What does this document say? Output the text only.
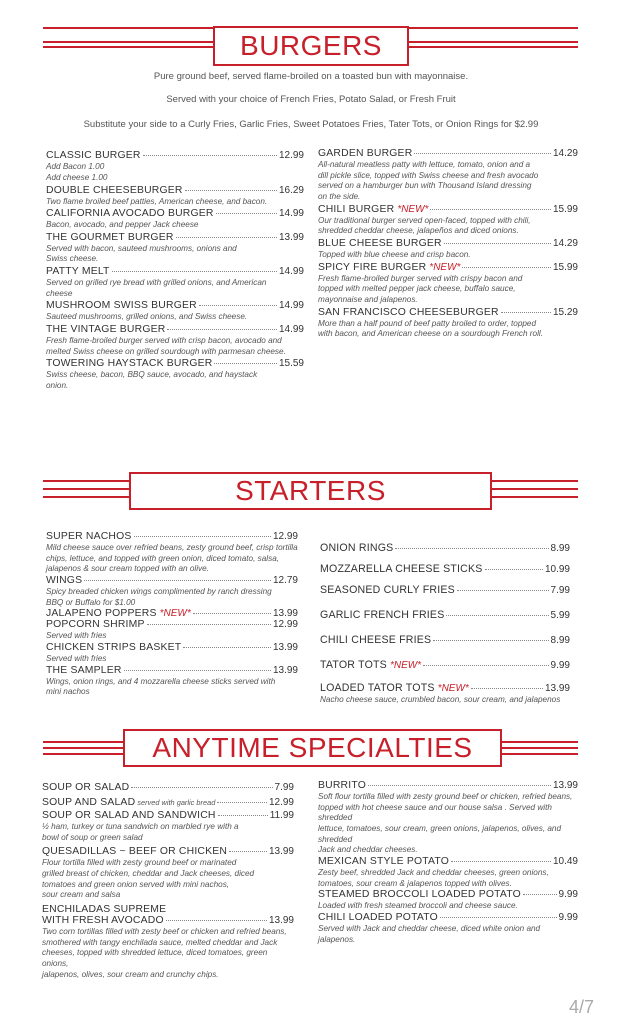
BURGERS
Pure ground beef, served flame-broiled on a toasted bun with mayonnaise.
Served with your choice of French Fries, Potato Salad, or Fresh Fruit
Substitute your side to a Curly Fries, Garlic Fries, Sweet Potatoes Fries, Tater Tots, or Onion Rings for $2.99
CLASSIC BURGER	12.99
Add Bacon 1.00
Add cheese 1.00
DOUBLE CHEESEBURGER	16.29
Two flame broiled beef patties, American cheese, and bacon.
CALIFORNIA AVOCADO BURGER	14.99
Bacon, avocado, and pepper Jack cheese
THE GOURMET BURGER	13.99
Served with bacon, sauteed mushrooms, onions and
Swiss cheese.
PATTY MELT	14.99
Served on grilled rye bread with grilled onions, and American
cheese
MUSHROOM SWISS BURGER	14.99
Sauteed mushrooms, grilled onions, and Swiss cheese.
THE VINTAGE BURGER	14.99
Fresh flame-broiled burger served with crisp bacon, avocado and
melted Swiss cheese on grilled sourdough with parmesan cheese.
TOWERING HAYSTACK BURGER	15.59
Swiss cheese, bacon, BBQ sauce, avocado, and haystack
onion.
GARDEN BURGER	14.29
All-natural meatless patty with lettuce, tomato, onion and a
dill pickle slice, topped with Swiss cheese and fresh avocado
served on a hamburger bun with Thousand Island dressing
on the side.
CHILI BURGER *NEW*	15.99
Our traditional burger served open-faced, topped with chili,
shredded cheddar cheese, jalapeños and diced onions.
BLUE CHEESE BURGER	14.29
Topped with blue cheese and crisp bacon.
SPICY FIRE BURGER *NEW*	15.99
Fresh flame-broiled burger served with crispy bacon and
topped with melted pepper jack cheese, buffalo sauce,
mayonnaise and jalapenos.
SAN FRANCISCO CHEESEBURGER	15.29
More than a half pound of beef patty broiled to order, topped
with bacon, and American cheese on a sourdough French roll.
STARTERS
SUPER NACHOS	12.99
Mild cheese sauce over refried beans, zesty ground beef, crisp tortilla
chips, lettuce, and topped with green onion, diced tomato, salsa,
jalapenos & sour cream topped with an olive.
WINGS	12.79
Spicy breaded chicken wings complimented by ranch dressing
BBQ or Buffalo for $1.00
JALAPENO POPPERS *NEW*	13.99
POPCORN SHRIMP	12.99
Served with fries
CHICKEN STRIPS BASKET	13.99
Served with fries
THE SAMPLER	13.99
Wings, onion rings, and 4 mozzarella cheese sticks served with
mini nachos
ONION RINGS	8.99
MOZZARELLA CHEESE STICKS	10.99
SEASONED CURLY FRIES	7.99
GARLIC FRENCH FRIES	5.99
CHILI CHEESE FRIES	8.99
TATOR TOTS *NEW*	9.99
LOADED TATOR TOTS *NEW*	13.99
Nacho cheese sauce, crumbled bacon, sour cream, and jalapenos
ANYTIME SPECIALTIES
SOUP OR SALAD	7.99
SOUP AND SALAD served with garlic bread	12.99
SOUP OR SALAD AND SANDWICH	11.99
½ ham, turkey or tuna sandwich on marbled rye with a
bowl of soup or green salad
QUESADILLAS ~ BEEF OR CHICKEN	13.99
Flour tortilla filled with zesty ground beef or marinated
grilled breast of chicken, cheddar and Jack cheeses, diced
tomatoes and green onion served with mini nachos,
sour cream and salsa
ENCHILADAS SUPREME
WITH FRESH AVOCADO	13.99
Two corn tortillas filled with zesty beef or chicken and refried beans,
smothered with tangy enchilada sauce, melted cheddar and Jack
cheeses, topped with shredded lettuce, diced tomatoes, green onions,
jalapenos, olives, sour cream and crunchy chips.
BURRITO	13.99
Soft flour tortilla filled with zesty ground beef or chicken, refried beans,
topped with hot cheese sauce and our house salsa . Served with shredded
lettuce, tomatoes, sour cream, green onions, jalapenos, olives, and shredded
Jack and cheddar cheeses.
MEXICAN STYLE POTATO	10.49
Zesty beef, shredded Jack and cheddar cheeses, green onions,
tomatoes, sour cream & jalapenos topped with olives.
STEAMED BROCCOLI LOADED POTATO	9.99
Loaded with fresh steamed broccoli and cheese sauce.
CHILI LOADED POTATO	9.99
Served with Jack and cheddar cheese, diced white onion and
jalapenos.
4/7
